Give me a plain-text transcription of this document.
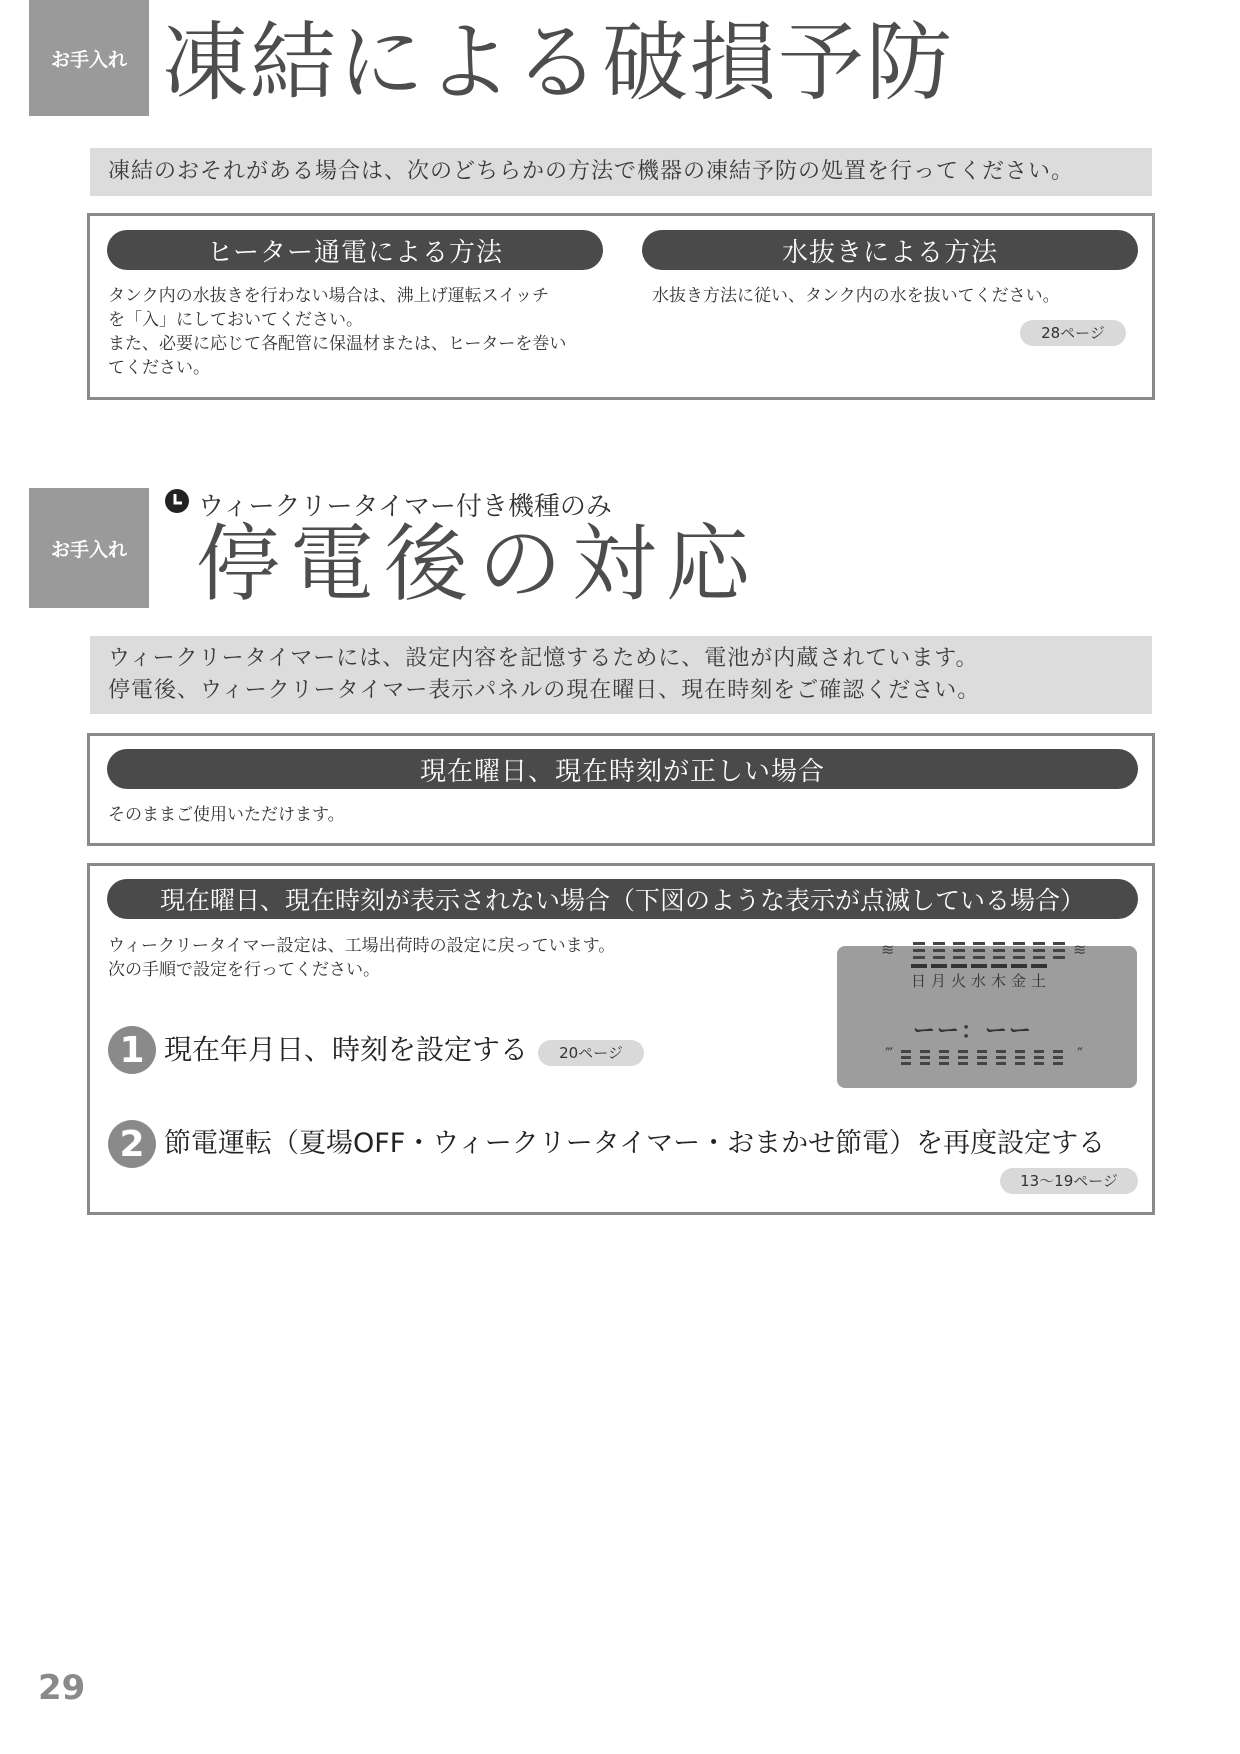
お手入れ 凍結による破損予防
凍結のおそれがある場合は、次のどちらかの方法で機器の凍結予防の処置を行ってください。
ヒーター通電による方法
タンク内の水抜きを行わない場合は、沸上げ運転スイッチ
を「入」にしておいてください。
また、必要に応じて各配管に保温材または、ヒーターを巻い
てください。
水抜きによる方法
水抜き方法に従い、タンク内の水を抜いてください。
28ページ
お手入れ
ウィークリータイマー付き機種のみ
停電後の対応
ウィークリータイマーには、設定内容を記憶するために、電池が内蔵されています。
停電後、ウィークリータイマー表示パネルの現在曜日、現在時刻をご確認ください。
現在曜日、現在時刻が正しい場合
そのままご使用いただけます。
現在曜日、現在時刻が表示されない場合（下図のような表示が点滅している場合）
ウィークリータイマー設定は、工場出荷時の設定に戻っています。
次の手順で設定を行ってください。
≋	≋
日月火水木金土
ーー：ーー
‴	″
1 現在年月日、時刻を設定する	20ページ
2 節電運転（夏場OFF・ウィークリータイマー・おまかせ節電）を再度設定する
13〜19ページ
29
